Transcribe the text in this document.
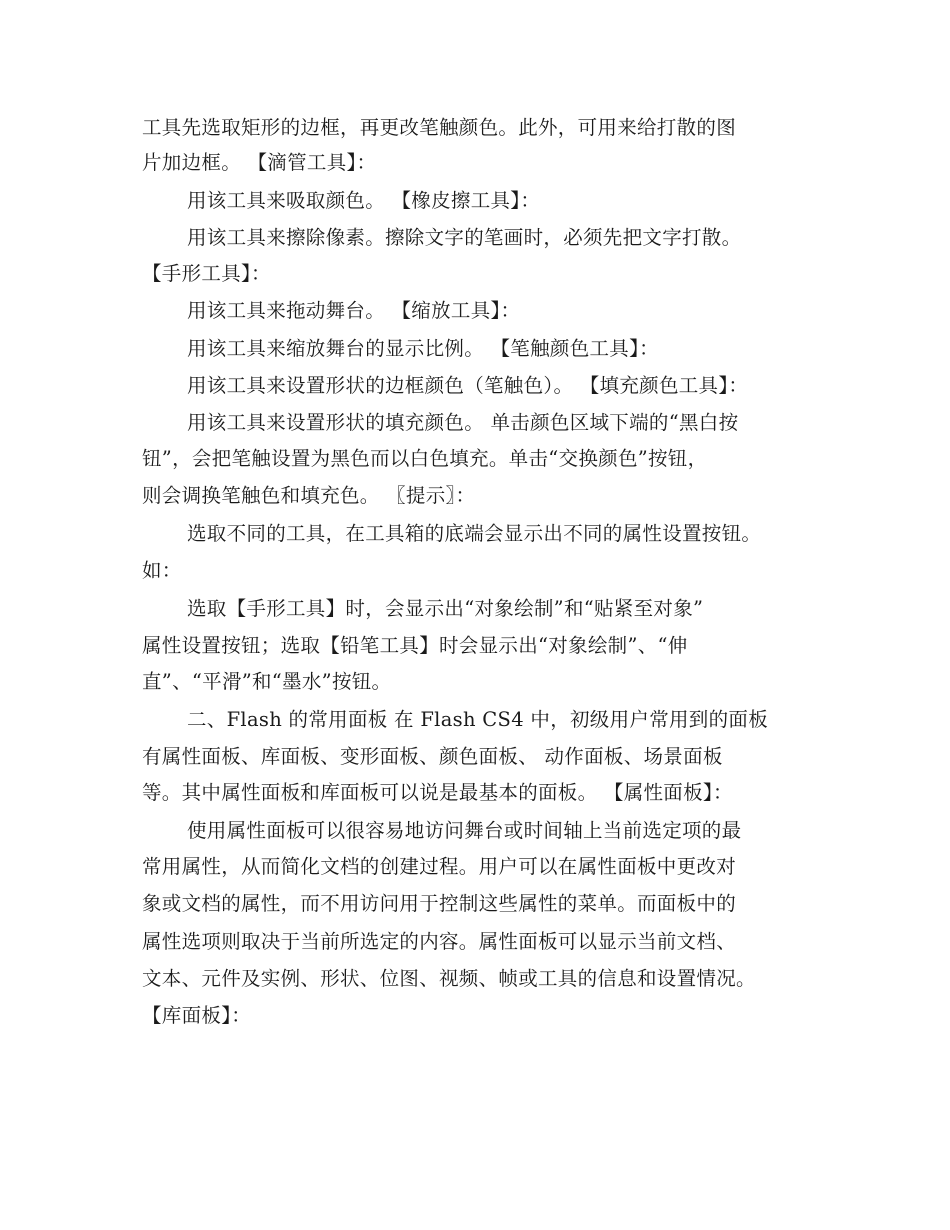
工具先选取矩形的边框，再更改笔触颜色。此外，可用来给打散的图

片加边框。 【滴管工具】：

用该工具来吸取颜色。 【橡皮擦工具】：

用该工具来擦除像素。擦除文字的笔画时，必须先把文字打散。

【手形工具】：

用该工具来拖动舞台。 【缩放工具】：

用该工具来缩放舞台的显示比例。 【笔触颜色工具】：

用该工具来设置形状的边框颜色（笔触色）。 【填充颜色工具】：

用该工具来设置形状的填充颜色。 单击颜色区域下端的“黑白按

钮”，会把笔触设置为黑色而以白色填充。单击“交换颜色”按钮，

则会调换笔触色和填充色。 〖提示〗：

选取不同的工具，在工具箱的底端会显示出不同的属性设置按钮。

如：

选取【手形工具】时，会显示出“对象绘制”和“贴紧至对象”

属性设置按钮；选取【铅笔工具】时会显示出“对象绘制”、“伸

直”、“平滑”和“墨水”按钮。

二、Flash 的常用面板 在 Flash CS4 中，初级用户常用到的面板

有属性面板、库面板、变形面板、颜色面板、 动作面板、场景面板

等。其中属性面板和库面板可以说是最基本的面板。 【属性面板】：

使用属性面板可以很容易地访问舞台或时间轴上当前选定项的最

常用属性，从而简化文档的创建过程。用户可以在属性面板中更改对

象或文档的属性，而不用访问用于控制这些属性的菜单。而面板中的

属性选项则取决于当前所选定的内容。属性面板可以显示当前文档、

文本、元件及实例、形状、位图、视频、帧或工具的信息和设置情况。

【库面板】：
